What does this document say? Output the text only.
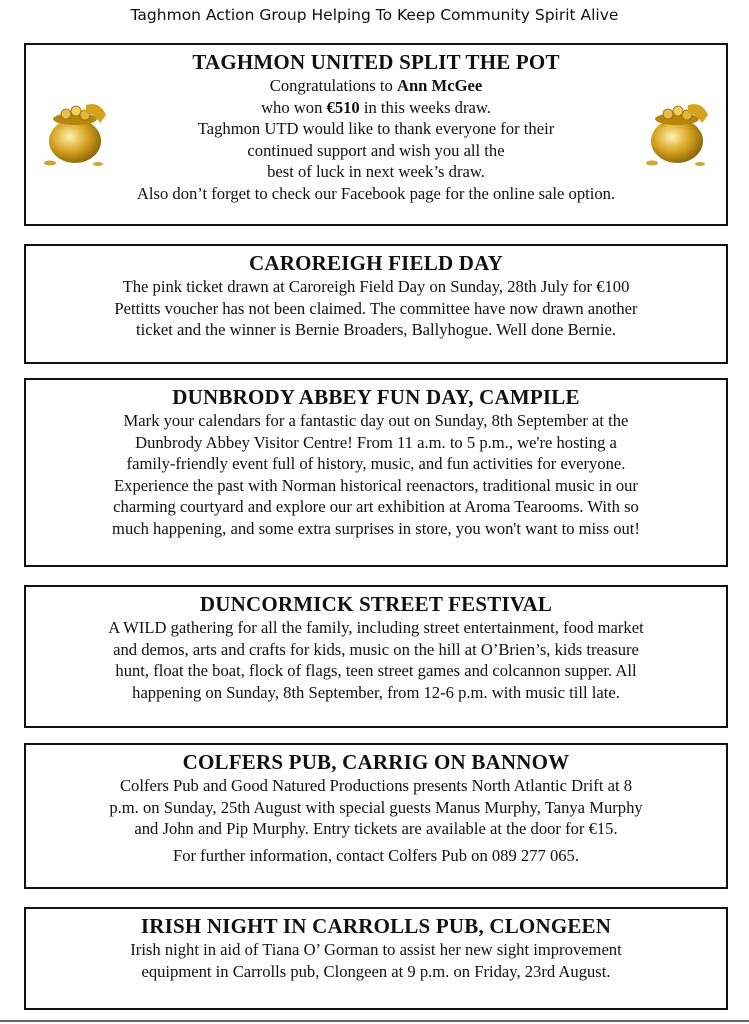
Taghmon Action Group Helping To Keep Community Spirit Alive
TAGHMON UNITED SPLIT THE POT
Congratulations to Ann McGee
who won €510 in this weeks draw.
Taghmon UTD would like to thank everyone for their
continued support and wish you all the
best of luck in next week’s draw.
Also don’t forget to check our Facebook page for the online sale option.
CAROREIGH FIELD DAY
The pink ticket drawn at Caroreigh Field Day on Sunday, 28th July for €100
Pettitts voucher has not been claimed. The committee have now drawn another
ticket and the winner is Bernie Broaders, Ballyhogue. Well done Bernie.
DUNBRODY ABBEY FUN DAY, CAMPILE
Mark your calendars for a fantastic day out on Sunday, 8th September at the
Dunbrody Abbey Visitor Centre! From 11 a.m. to 5 p.m., we're hosting a
family-friendly event full of history, music, and fun activities for everyone.
Experience the past with Norman historical reenactors, traditional music in our
charming courtyard and explore our art exhibition at Aroma Tearooms. With so
much happening, and some extra surprises in store, you won't want to miss out!
DUNCORMICK STREET FESTIVAL
A WILD gathering for all the family, including street entertainment, food market
and demos, arts and crafts for kids, music on the hill at O’Brien’s, kids treasure
hunt, float the boat, flock of flags, teen street games and colcannon supper. All
happening on Sunday, 8th September, from 12-6 p.m. with music till late.
COLFERS PUB, CARRIG ON BANNOW
Colfers Pub and Good Natured Productions presents North Atlantic Drift at 8
p.m. on Sunday, 25th August with special guests Manus Murphy, Tanya Murphy
and John and Pip Murphy. Entry tickets are available at the door for €15.
For further information, contact Colfers Pub on 089 277 065.
IRISH NIGHT IN CARROLLS PUB, CLONGEEN
Irish night in aid of Tiana O’ Gorman to assist her new sight improvement
equipment in Carrolls pub, Clongeen at 9 p.m. on Friday, 23rd August.
